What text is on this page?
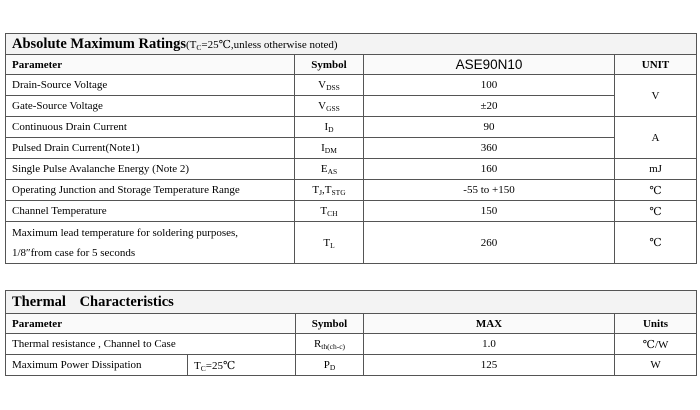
Absolute Maximum $Ratings(T_C=25℃,unless$ otherwise noted)			
Parameter	Symbol	ASE90N10	UNIT
Drain-Source Voltage	$V_{DSS}$	100	V
Gate-Source Voltage	$V_{GSS}$	±20	
Continuous Drain Current	$I_D$	90	A
Pulsed Drain Current(Note1)	$I_{DM}$	360	
Single Pulse Avalanche Energy (Note 2)	$E_{AS}$	160	mJ
Operating Junction and Storage Temperature Range	$T_J,T_{STG}$	-55 to +150	℃
Channel Temperature	$T_{CH}$	150	℃

Maximum lead temperature for soldering purposes,
1/8″from case for 5 seconds	$T_L$	260	℃
Thermal Characteristics				
Parameter		Symbol	MAX	Units
Thermal resistance , Channel to Case		$R_{th(ch-c)}$	1.0	℃/W
Maximum Power Dissipation	$T_C=25℃$	$P_D$	125	W
